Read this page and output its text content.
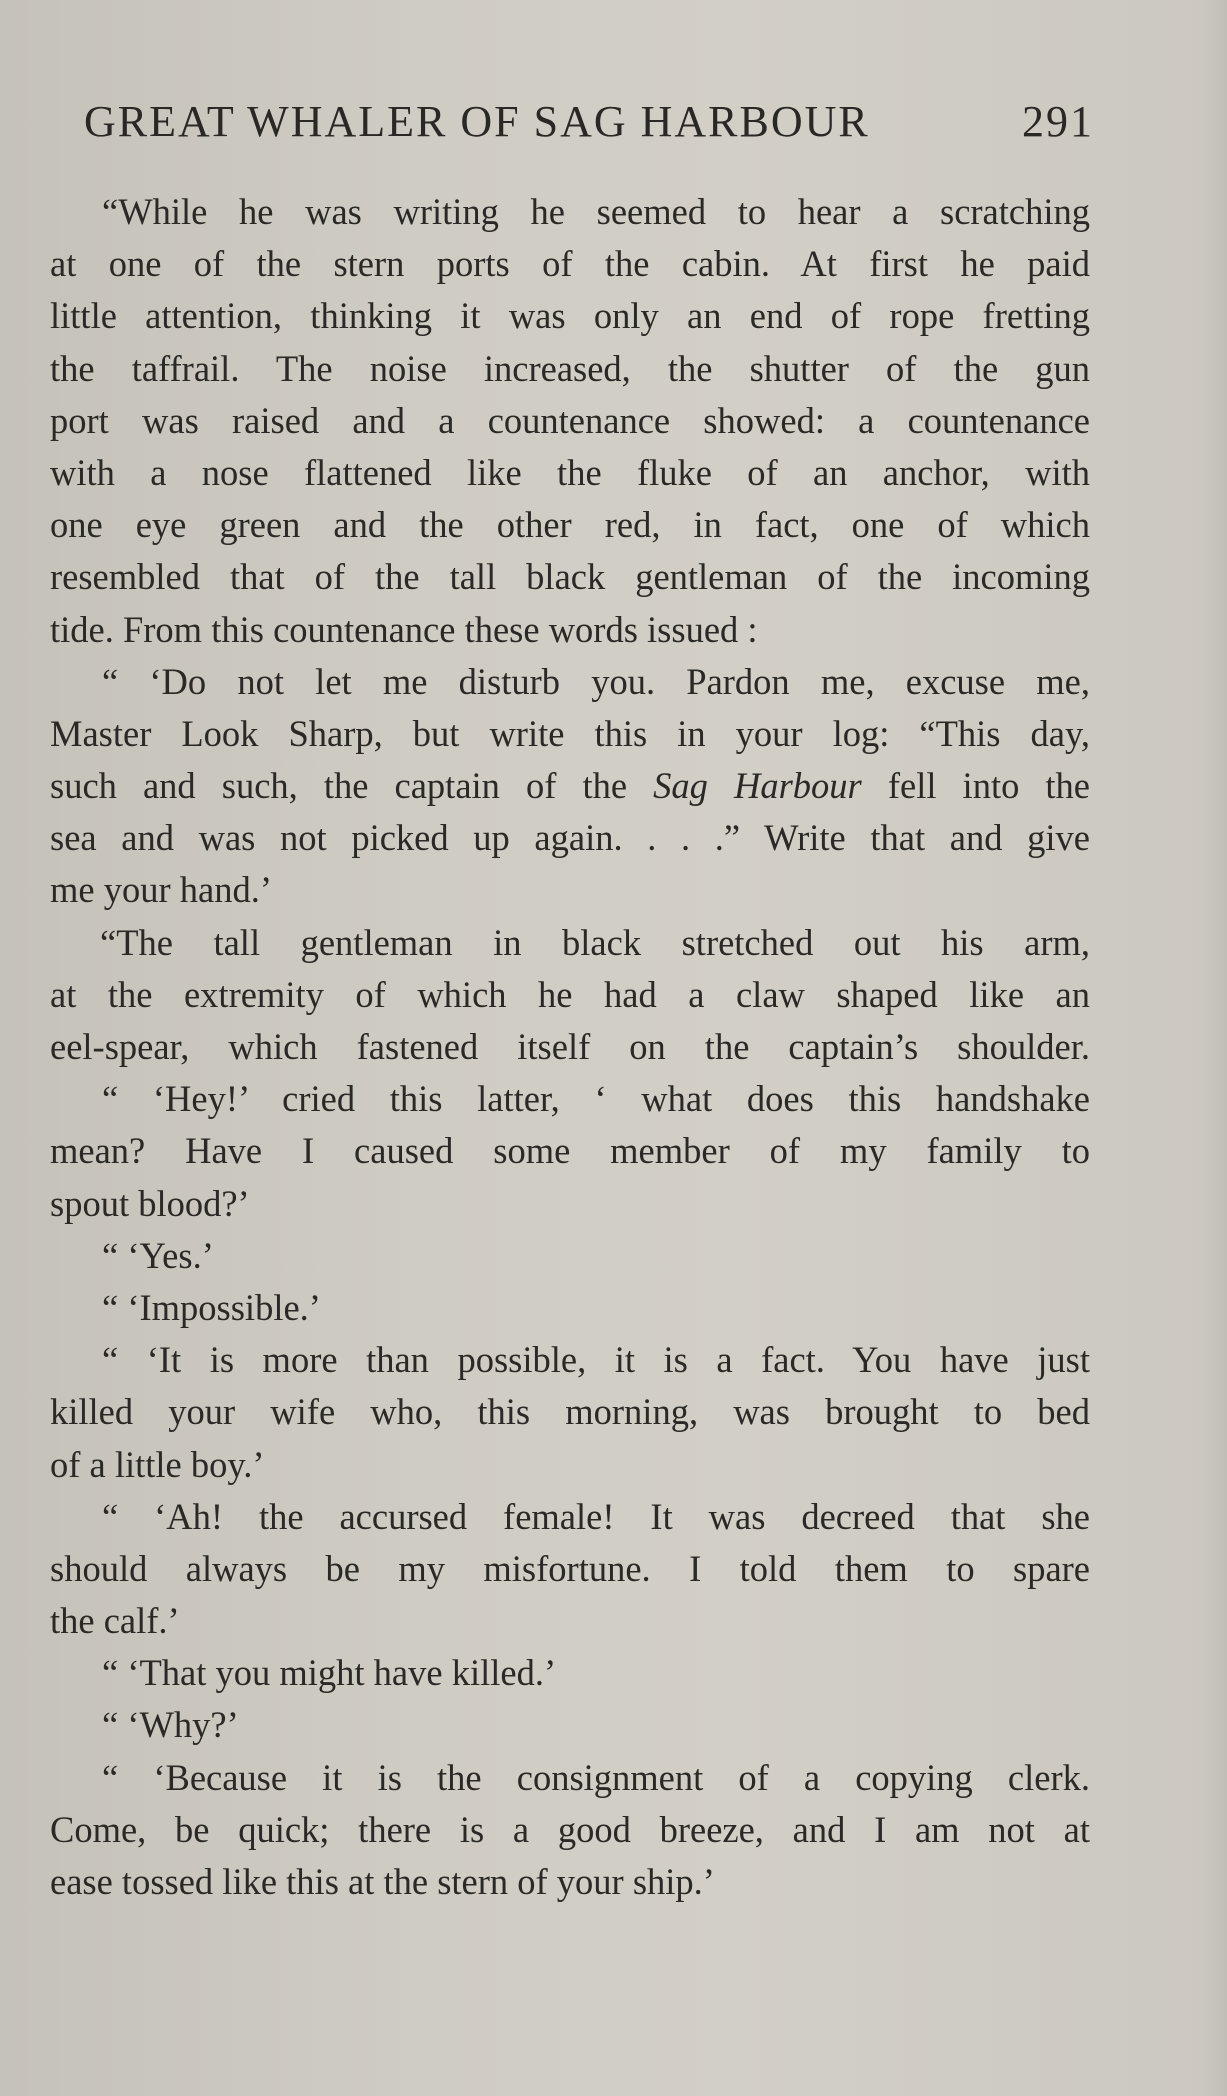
GREAT WHALER OF SAG HARBOUR	291
“While he was writing he seemed to hear a scratching
at one of the stern ports of the cabin. At first he paid
little attention, thinking it was only an end of rope fretting
the taffrail. The noise increased, the shutter of the gun
port was raised and a countenance showed: a countenance
with a nose flattened like the fluke of an anchor, with
one eye green and the other red, in fact, one of which
resembled that of the tall black gentleman of the incoming
tide. From this countenance these words issued :
“ ‘Do not let me disturb you. Pardon me, excuse me,
Master Look Sharp, but write this in your log: “This day,
such and such, the captain of the Sag Harbour fell into the
sea and was not picked up again. . . .” Write that and give
me your hand.’
“The tall gentleman in black stretched out his arm,
at the extremity of which he had a claw shaped like an
eel-spear, which fastened itself on the captain’s shoulder.
“ ‘Hey!’ cried this latter, ‘ what does this handshake
mean? Have I caused some member of my family to
spout blood?’
“ ‘Yes.’
“ ‘Impossible.’
“ ‘It is more than possible, it is a fact. You have just
killed your wife who, this morning, was brought to bed
of a little boy.’
“ ‘Ah! the accursed female! It was decreed that she
should always be my misfortune. I told them to spare
the calf.’
“ ‘That you might have killed.’
“ ‘Why?’
“ ‘Because it is the consignment of a copying clerk.
Come, be quick; there is a good breeze, and I am not at
ease tossed like this at the stern of your ship.’
